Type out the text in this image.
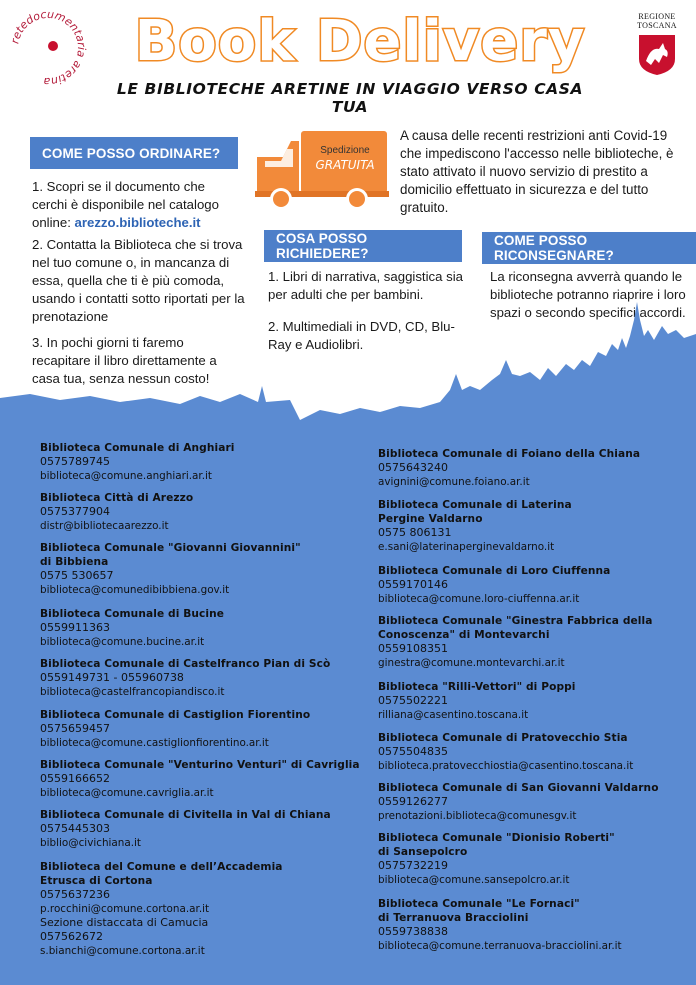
retedocumentaria aretina
Book Delivery
LE BIBLIOTECHE ARETINE IN VIAGGIO VERSO CASA TUA
REGIONE
TOSCANA
COME POSSO ORDINARE?
1. Scopri se il documento che cerchi è disponibile nel catalogo online: arezzo.biblioteche.it
2. Contatta la Biblioteca che si trova nel tuo comune o, in mancanza di essa, quella che ti è più comoda, usando i contatti sotto riportati per la prenotazione
3. In pochi giorni ti faremo recapitare il libro direttamente a casa tua, senza nessun costo!
Spedizione
GRATUITA
A causa delle recenti restrizioni anti Covid-19 che impediscono l'accesso nelle biblioteche, è stato attivato il nuovo servizio di prestito a domicilio effettuato in sicurezza e del tutto gratuito.
COSA POSSO RICHIEDERE?
1. Libri di narrativa, saggistica sia per adulti che per bambini.
2. Multimediali in DVD, CD, Blu-Ray e Audiolibri.
COME POSSO RICONSEGNARE?
La riconsegna avverrà quando le biblioteche potranno riaprire i loro spazi o secondo specifici accordi.
Biblioteca Comunale di Anghiari
0575789745
biblioteca@comune.anghiari.ar.it
Biblioteca Città di Arezzo
0575377904
distr@bibliotecaarezzo.it
Biblioteca Comunale "Giovanni Giovannini"
di Bibbiena
0575 530657
biblioteca@comunedibibbiena.gov.it
Biblioteca Comunale di Bucine
0559911363
biblioteca@comune.bucine.ar.it
Biblioteca Comunale di Castelfranco Pian di Scò
0559149731 - 055960738
biblioteca@castelfrancopiandisco.it
Biblioteca Comunale di Castiglion Fiorentino
0575659457
biblioteca@comune.castiglionfiorentino.ar.it
Biblioteca Comunale "Venturino Venturi" di Cavriglia
0559166652
biblioteca@comune.cavriglia.ar.it
Biblioteca Comunale di Civitella in Val di Chiana
0575445303
biblio@civichiana.it
Biblioteca del Comune e dell’Accademia
Etrusca di Cortona
0575637236
p.rocchini@comune.cortona.ar.it
Sezione distaccata di Camucia
057562672
s.bianchi@comune.cortona.ar.it
Biblioteca Comunale di Foiano della Chiana
0575643240
avignini@comune.foiano.ar.it
Biblioteca Comunale di Laterina
Pergine Valdarno
0575 806131
e.sani@laterinaperginevaldarno.it
Biblioteca Comunale di Loro Ciuffenna
0559170146
biblioteca@comune.loro-ciuffenna.ar.it
Biblioteca Comunale "Ginestra Fabbrica della
Conoscenza" di Montevarchi
0559108351
ginestra@comune.montevarchi.ar.it
Biblioteca "Rilli-Vettori" di Poppi
0575502221
rilliana@casentino.toscana.it
Biblioteca Comunale di Pratovecchio Stia
0575504835
biblioteca.pratovecchiostia@casentino.toscana.it
Biblioteca Comunale di San Giovanni Valdarno
0559126277
prenotazioni.biblioteca@comunesgv.it
Biblioteca Comunale "Dionisio Roberti"
di Sansepolcro
0575732219
biblioteca@comune.sansepolcro.ar.it
Biblioteca Comunale "Le Fornaci"
di Terranuova Bracciolini
0559738838
biblioteca@comune.terranuova-bracciolini.ar.it
